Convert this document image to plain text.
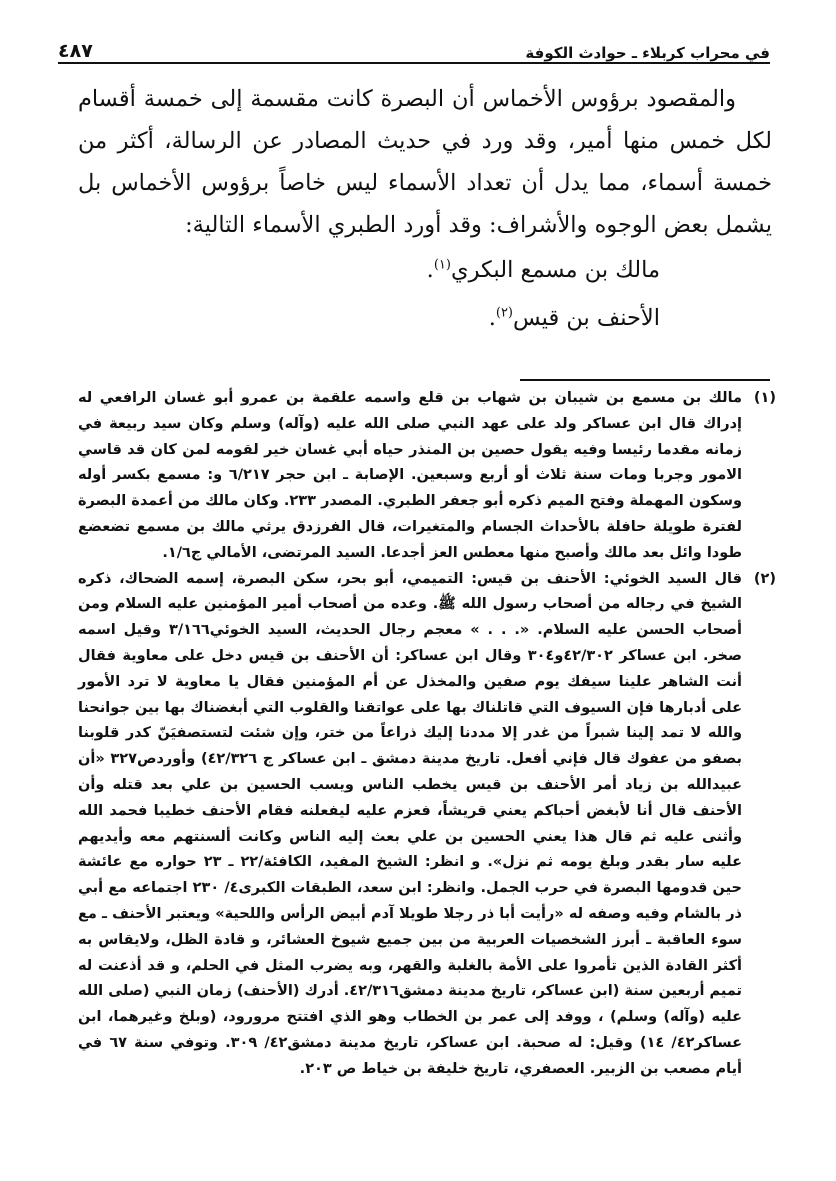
في محراب كربلاء ـ حوادث الكوفة
٤٨٧

والمقصود برؤوس الأخماس أن البصرة كانت مقسمة إلى خمسة أقسام لكل خمس منها أمير، وقد ورد في حديث المصادر عن الرسالة، أكثر من خمسة أسماء، مما يدل أن تعداد الأسماء ليس خاصاً برؤوس الأخماس بل يشمل بعض الوجوه والأشراف: وقد أورد الطبري الأسماء التالية:

مالك بن مسمع البكري$^{(١)}$.

الأحنف بن قيس$^{(٢)}$.

(١)
مالك بن مسمع بن شيبان بن شهاب بن قلع واسمه علقمة بن عمرو أبو غسان الرافعي له إدراك قال ابن عساكر ولد على عهد النبي صلى الله عليه (وآله) وسلم وكان سيد ربيعة في زمانه مقدما رئيسا وفيه يقول حصين بن المنذر حياه أبي غسان خير لقومه لمن كان قد قاسي الامور وجربا ومات سنة ثلاث أو أربع وسبعين. الإصابة ـ ابن حجر ٦/٢١٧ و: مسمع بكسر أوله وسكون المهملة وفتح الميم ذكره أبو جعفر الطبري. المصدر ٢٣٣. وكان مالك من أعمدة البصرة لفترة طويلة حافلة بالأحداث الجسام والمتغيرات، قال الفرزدق يرثي مالك بن مسمع تضعضع طودا وائل بعد مالك وأصبح منها معطس العز أجدعا. السيد المرتضى، الأمالي ج١/٦.
(٢)
قال السيد الخوئي: الأحنف بن قيس: التميمي، أبو بحر، سكن البصرة، إسمه الضحاك، ذكره الشيخ في رجاله من أصحاب رسول الله ﷺ. وعده من أصحاب أمير المؤمنين عليه السلام ومن أصحاب الحسن عليه السلام. «. . . » معجم رجال الحديث، السيد الخوئي٣/١٦٦ وقيل اسمه صخر. ابن عساكر ٤٢/٣٠٢و٣٠٤ وقال ابن عساكر: أن الأحنف بن قيس دخل على معاوية فقال أنت الشاهر علينا سيفك يوم صفين والمخذل عن أم المؤمنين فقال يا معاوية لا ترد الأمور على أدبارها فإن السيوف التي قاتلناك بها على عواتقنا والقلوب التي أبغضناك بها بين جوانحنا والله لا تمد إلينا شبراً من غدر إلا مددنا إليك ذراعاً من ختر، وإن شئت لتستصفيَنّ كدر قلوبنا بصفو من عفوك قال فإني أفعل. تاريخ مدينة دمشق ـ ابن عساكر ج ٤٢/٣٢٦) وأوردص٣٢٧ «أن عبيدالله بن زياد أمر الأحنف بن قيس يخطب الناس ويسب الحسين بن علي بعد قتله وأن الأحنف قال أنا لأبغض أحباكم يعني قريشاً، فعزم عليه ليفعلنه فقام الأحنف خطيبا فحمد الله وأثنى عليه ثم قال هذا يعني الحسين بن علي بعث إليه الناس وكانت ألسنتهم معه وأيديهم عليه سار بقدر وبلغ يومه ثم نزل». و انظر: الشيخ المفيد، الكافئة/٢٢ ـ ٢٣ حواره مع عائشة حين قدومها البصرة في حرب الجمل. وانظر: ابن سعد، الطبقات الكبرى٤/ ٢٣٠ اجتماعه مع أبي ذر بالشام وفيه وصفه له «رأيت أبا ذر رجلا طويلا آدم أبيض الرأس واللحية» ويعتبر الأحنف ـ مع سوء العاقبة ـ أبرز الشخصيات العربية من بين جميع شيوخ العشائر، و قادة الظل، ولايقاس به أكثر القادة الذين تأمروا على الأمة بالغلبة والقهر، وبه يضرب المثل في الحلم، و قد أذعنت له تميم أربعين سنة (ابن عساكر، تاريخ مدينة دمشق٤٢/٣١٦. أدرك (الأحنف) زمان النبي (صلى الله عليه (وآله) وسلم) ، ووفد إلى عمر بن الخطاب وهو الذي افتتح مرورود، (وبلخ وغيرهما، ابن عساكر٤٢/ ١٤) وقيل: له صحبة. ابن عساكر، تاريخ مدينة دمشق٤٢/ ٣٠٩. وتوفي سنة ٦٧ في أيام مصعب بن الزبير. العصفري، تاريخ خليفة بن خياط ص ٢٠٣.
